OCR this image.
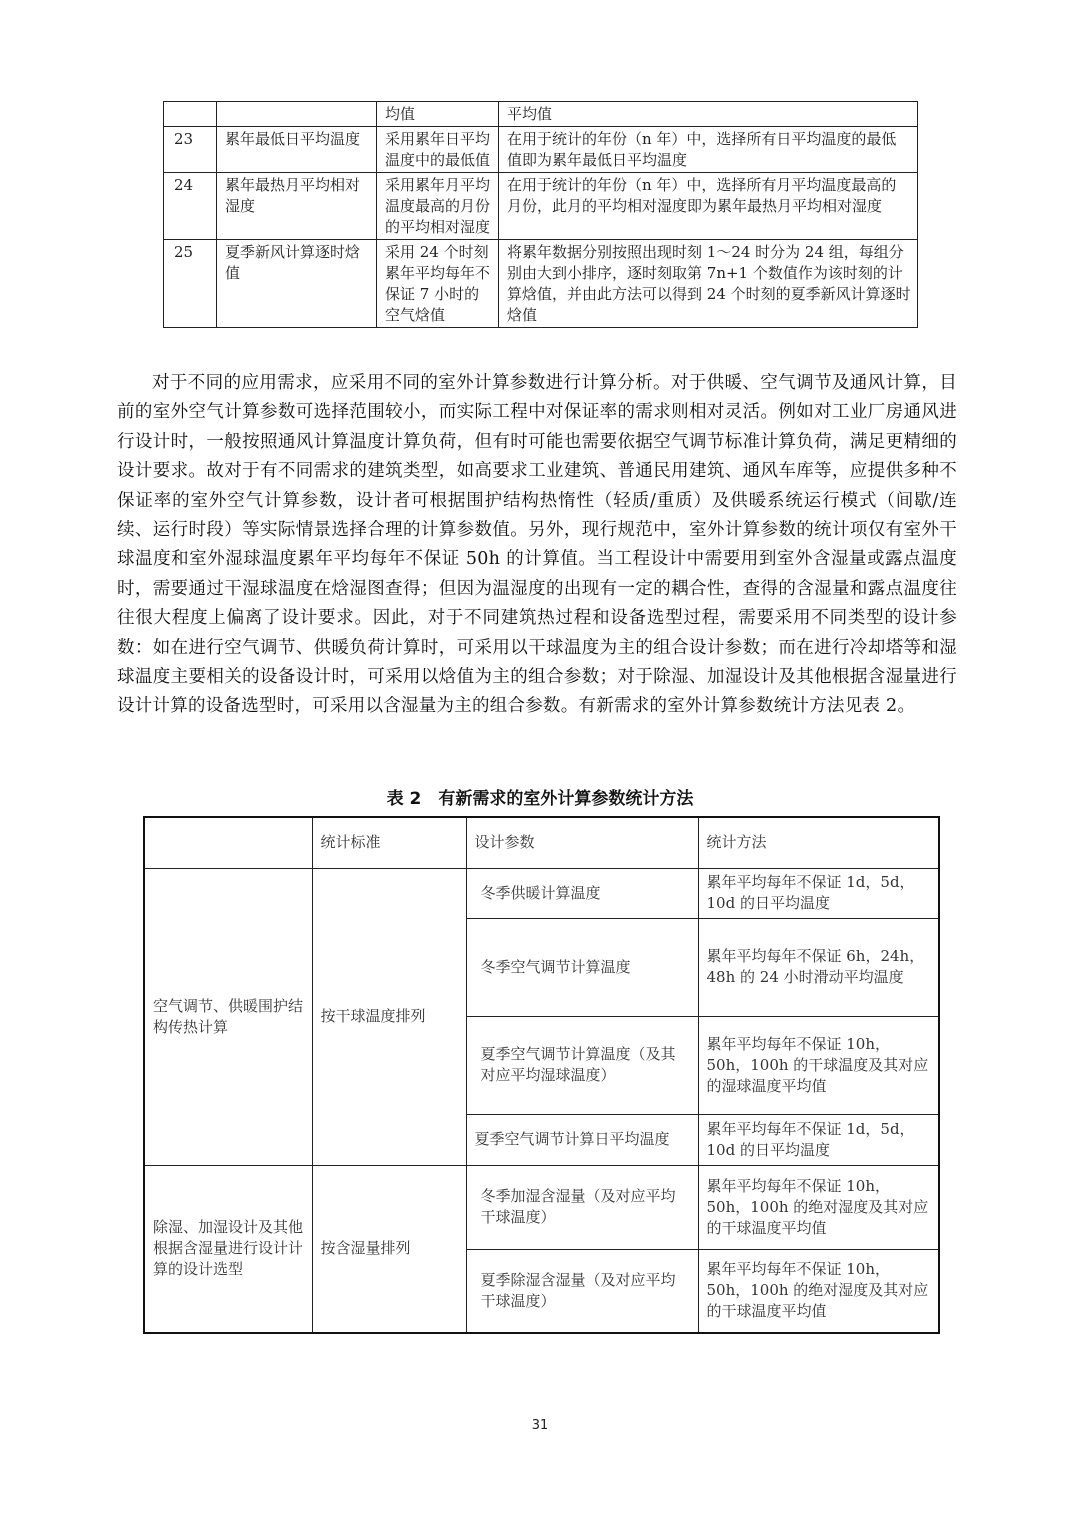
		均值	平均值
23	累年最低日平均温度	采用累年日平均温度中的最低值	在用于统计的年份（n 年）中，选择所有日平均温度的最低值即为累年最低日平均温度
24	累年最热月平均相对湿度	采用累年月平均温度最高的月份的平均相对湿度	在用于统计的年份（n 年）中，选择所有月平均温度最高的月份，此月的平均相对湿度即为累年最热月平均相对湿度
25	夏季新风计算逐时焓值	采用 24 个时刻累年平均每年不保证 7 小时的空气焓值	将累年数据分别按照出现时刻 1～24 时分为 24 组，每组分别由大到小排序，逐时刻取第 7n+1 个数值作为该时刻的计算焓值，并由此方法可以得到 24 个时刻的夏季新风计算逐时焓值

对于不同的应用需求，应采用不同的室外计算参数进行计算分析。对于供暖、空气调节及通风计算，目前的室外空气计算参数可选择范围较小，而实际工程中对保证率的需求则相对灵活。例如对工业厂房通风进行设计时，一般按照通风计算温度计算负荷，但有时可能也需要依据空气调节标准计算负荷，满足更精细的设计要求。故对于有不同需求的建筑类型，如高要求工业建筑、普通民用建筑、通风车库等，应提供多种不保证率的室外空气计算参数，设计者可根据围护结构热惰性（轻质/重质）及供暖系统运行模式（间歇/连续、运行时段）等实际情景选择合理的计算参数值。另外，现行规范中，室外计算参数的统计项仅有室外干球温度和室外湿球温度累年平均每年不保证 50h 的计算值。当工程设计中需要用到室外含湿量或露点温度时，需要通过干湿球温度在焓湿图查得；但因为温湿度的出现有一定的耦合性，查得的含湿量和露点温度往往很大程度上偏离了设计要求。因此，对于不同建筑热过程和设备选型过程，需要采用不同类型的设计参数：如在进行空气调节、供暖负荷计算时，可采用以干球温度为主的组合设计参数；而在进行冷却塔等和湿球温度主要相关的设备设计时，可采用以焓值为主的组合参数；对于除湿、加湿设计及其他根据含湿量进行设计计算的设备选型时，可采用以含湿量为主的组合参数。有新需求的室外计算参数统计方法见表 2。

表 2　有新需求的室外计算参数统计方法
	统计标准	设计参数	统计方法
空气调节、供暖围护结构传热计算	按干球温度排列	冬季供暖计算温度	累年平均每年不保证 1d，5d，10d 的日平均温度
		冬季空气调节计算温度	累年平均每年不保证 6h，24h，48h 的 24 小时滑动平均温度
		夏季空气调节计算温度（及其对应平均湿球温度）	累年平均每年不保证 10h，50h，100h 的干球温度及其对应的湿球温度平均值
		夏季空气调节计算日平均温度	累年平均每年不保证 1d，5d，10d 的日平均温度
除湿、加湿设计及其他根据含湿量进行设计计算的设计选型	按含湿量排列	冬季加湿含湿量（及对应平均干球温度）	累年平均每年不保证 10h，50h，100h 的绝对湿度及其对应的干球温度平均值
		夏季除湿含湿量（及对应平均干球温度）	累年平均每年不保证 10h，50h，100h 的绝对湿度及其对应的干球温度平均值
31
